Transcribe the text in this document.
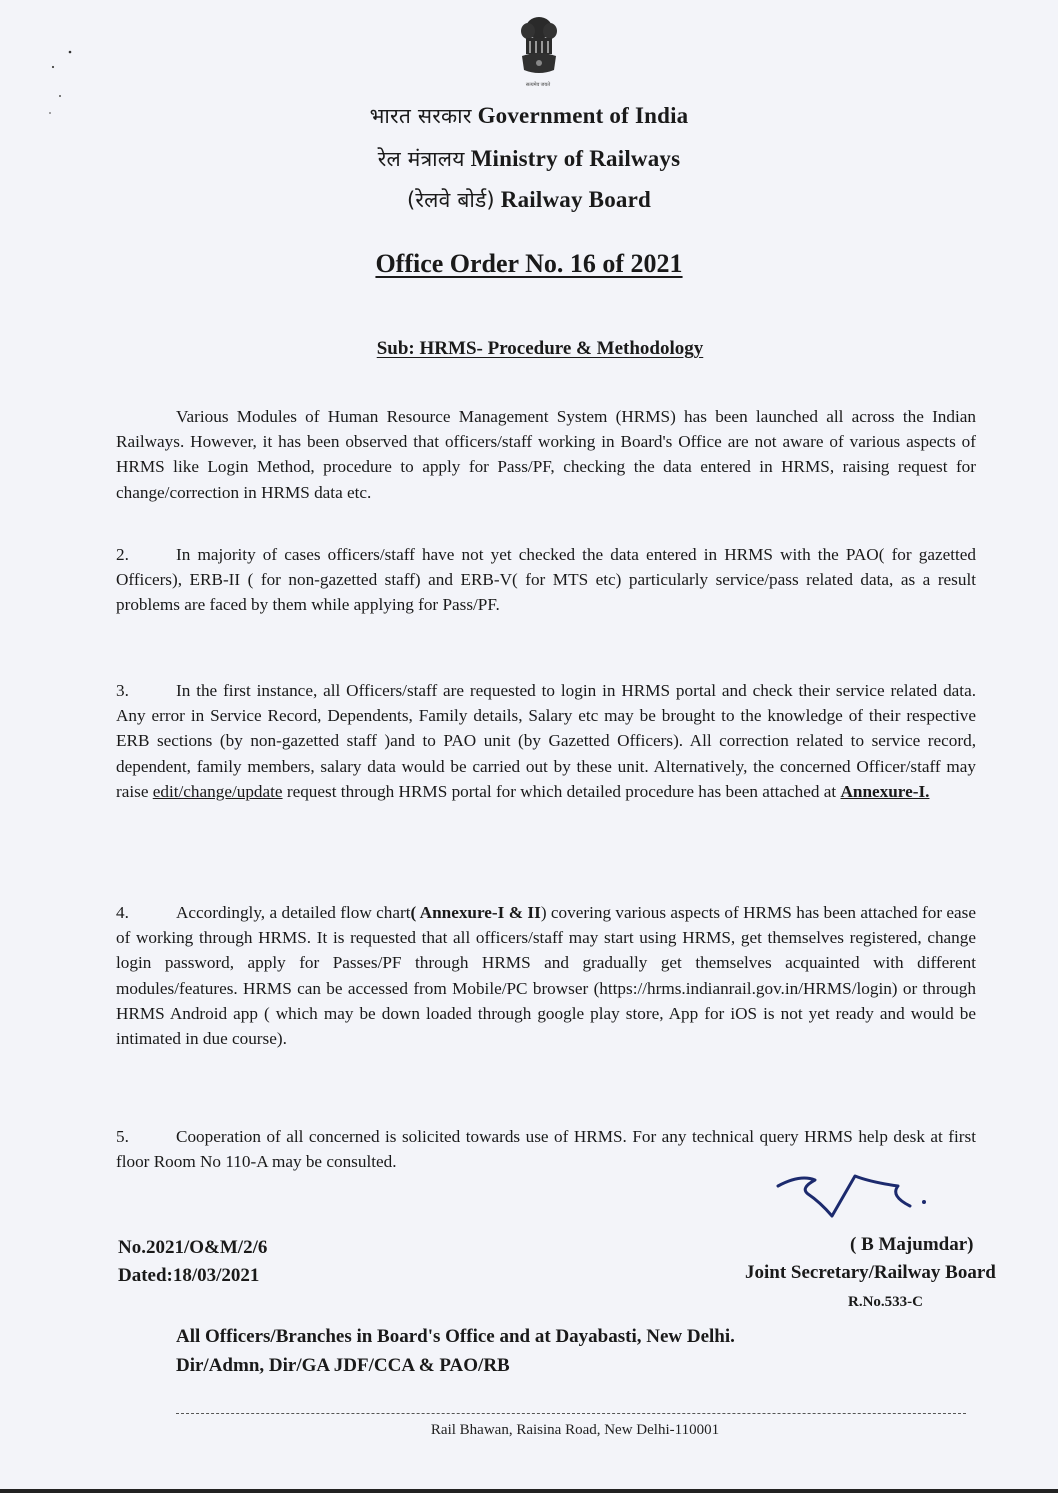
सत्यमेव जयते
भारत सरकार Government of India
रेल मंत्रालय Ministry of Railways
(रेलवे बोर्ड) Railway Board
Office Order No. 16 of 2021
Sub: HRMS- Procedure & Methodology
Various Modules of Human Resource Management System (HRMS) has been launched all across the Indian Railways. However, it has been observed that officers/staff working in Board's Office are not aware of various aspects of HRMS like Login Method, procedure to apply for Pass/PF, checking the data entered in HRMS, raising request for change/correction in HRMS data etc.
2.	In majority of cases officers/staff have not yet checked the data entered in HRMS with the PAO( for gazetted Officers), ERB-II ( for non-gazetted staff) and ERB-V( for MTS etc) particularly service/pass related data, as a result problems are faced by them while applying for Pass/PF.
3.	In the first instance, all Officers/staff are requested to login in HRMS portal and check their service related data. Any error in Service Record, Dependents, Family details, Salary etc may be brought to the knowledge of their respective ERB sections (by non-gazetted staff )and to PAO unit (by Gazetted Officers). All correction related to service record, dependent, family members, salary data would be carried out by these unit. Alternatively, the concerned Officer/staff may raise edit/change/update request through HRMS portal for which detailed procedure has been attached at Annexure-I.
4.	Accordingly, a detailed flow chart( Annexure-I & II) covering various aspects of HRMS has been attached for ease of working through HRMS. It is requested that all officers/staff may start using HRMS, get themselves registered, change login password, apply for Passes/PF through HRMS and gradually get themselves acquainted with different modules/features. HRMS can be accessed from Mobile/PC browser (https://hrms.indianrail.gov.in/HRMS/login) or through HRMS Android app ( which may be down loaded through google play store, App for iOS is not yet ready and would be intimated in due course).
5.	Cooperation of all concerned is solicited towards use of HRMS. For any technical query HRMS help desk at first floor Room No 110-A may be consulted.
No.2021/O&M/2/6
Dated:18/03/2021
( B Majumdar)
Joint Secretary/Railway Board
R.No.533-C
All Officers/Branches in Board's Office and at Dayabasti, New Delhi.
Dir/Admn, Dir/GA JDF/CCA & PAO/RB
Rail Bhawan, Raisina Road, New Delhi-110001
